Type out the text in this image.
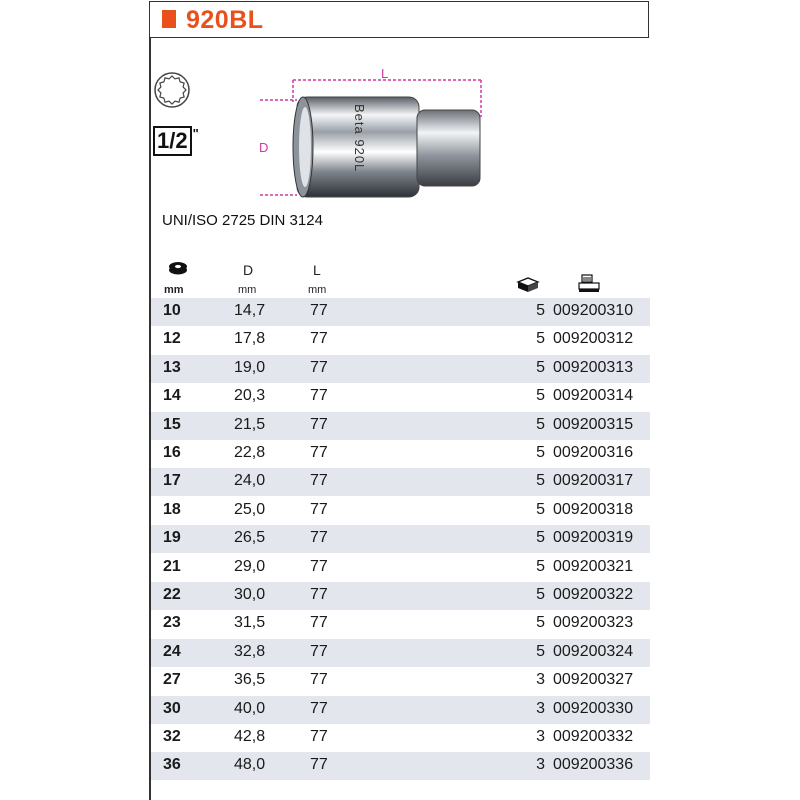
920BL
1/2 "	Beta 920L
L
D
UNI/ISO 2725 DIN 3124
mm
D
mm
L
mm
10	14,7	77	5 009200310
12	17,8	77	5 009200312
13	19,0	77	5 009200313
14	20,3	77	5 009200314
15	21,5	77	5 009200315
16	22,8	77	5 009200316
17	24,0	77	5 009200317
18	25,0	77	5 009200318
19	26,5	77	5 009200319
21	29,0	77	5 009200321
22	30,0	77	5 009200322
23	31,5	77	5 009200323
24	32,8	77	5 009200324
27	36,5	77	3 009200327
30	40,0	77	3 009200330
32	42,8	77	3 009200332
36	48,0	77	3 009200336
